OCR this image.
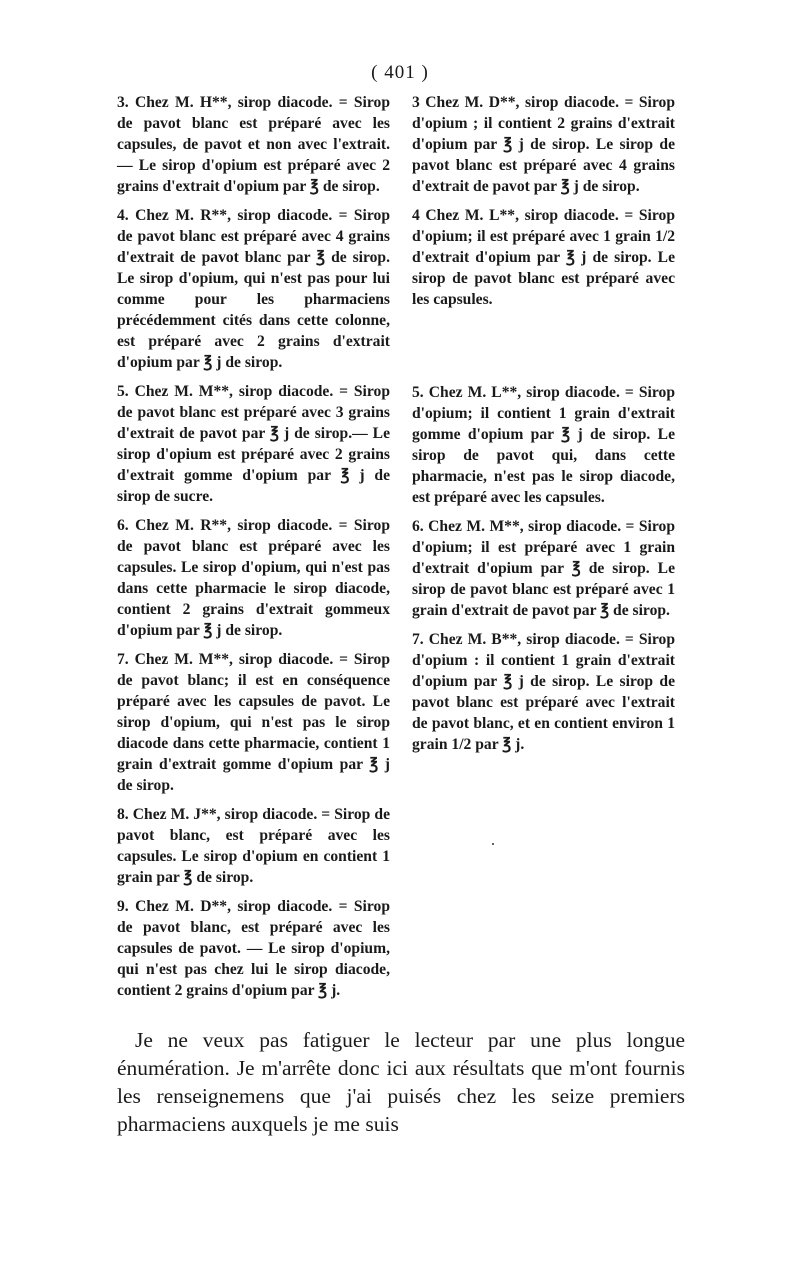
( 401 )

3. Chez M. H**, sirop diacode. = Sirop de pavot blanc est préparé avec les capsules, de pavot et non avec l'extrait. — Le sirop d'opium est préparé avec 2 grains d'extrait d'opium par ℥ de sirop.

4. Chez M. R**, sirop diacode. = Sirop de pavot blanc est préparé avec 4 grains d'extrait de pavot blanc par ℥ de sirop. Le sirop d'opium, qui n'est pas pour lui comme pour les pharmaciens précédemment cités dans cette colonne, est préparé avec 2 grains d'extrait d'opium par ℥ j de sirop.

5. Chez M. M**, sirop diacode. = Sirop de pavot blanc est préparé avec 3 grains d'extrait de pavot par ℥ j de sirop.— Le sirop d'opium est préparé avec 2 grains d'extrait gomme d'opium par ℥ j de sirop de sucre.

6. Chez M. R**, sirop diacode. = Sirop de pavot blanc est préparé avec les capsules. Le sirop d'opium, qui n'est pas dans cette pharmacie le sirop diacode, contient 2 grains d'extrait gommeux d'opium par ℥ j de sirop.

7. Chez M. M**, sirop diacode. = Sirop de pavot blanc; il est en conséquence préparé avec les capsules de pavot. Le sirop d'opium, qui n'est pas le sirop diacode dans cette pharmacie, contient 1 grain d'extrait gomme d'opium par ℥ j de sirop.

8. Chez M. J**, sirop diacode. = Sirop de pavot blanc, est préparé avec les capsules. Le sirop d'opium en contient 1 grain par ℥ de sirop.

9. Chez M. D**, sirop diacode. = Sirop de pavot blanc, est préparé avec les capsules de pavot. — Le sirop d'opium, qui n'est pas chez lui le sirop diacode, contient 2 grains d'opium par ℥ j.

3 Chez M. D**, sirop diacode. = Sirop d'opium ; il contient 2 grains d'extrait d'opium par ℥ j de sirop. Le sirop de pavot blanc est préparé avec 4 grains d'extrait de pavot par ℥ j de sirop.

4 Chez M. L**, sirop diacode. = Sirop d'opium; il est préparé avec 1 grain 1/2 d'extrait d'opium par ℥ j de sirop. Le sirop de pavot blanc est préparé avec les capsules.

5. Chez M. L**, sirop diacode. = Sirop d'opium; il contient 1 grain d'extrait gomme d'opium par ℥ j de sirop. Le sirop de pavot qui, dans cette pharmacie, n'est pas le sirop diacode, est préparé avec les capsules.

6. Chez M. M**, sirop diacode. = Sirop d'opium; il est préparé avec 1 grain d'extrait d'opium par ℥ de sirop. Le sirop de pavot blanc est préparé avec 1 grain d'extrait de pavot par ℥ de sirop.

7. Chez M. B**, sirop diacode. = Sirop d'opium : il contient 1 grain d'extrait d'opium par ℥ j de sirop. Le sirop de pavot blanc est préparé avec l'extrait de pavot blanc, et en contient environ 1 grain 1/2 par ℥ j.

Je ne veux pas fatiguer le lecteur par une plus longue énumération. Je m'arrête donc ici aux résultats que m'ont fournis les renseignemens que j'ai puisés chez les seize premiers pharmaciens auxquels je me suis
